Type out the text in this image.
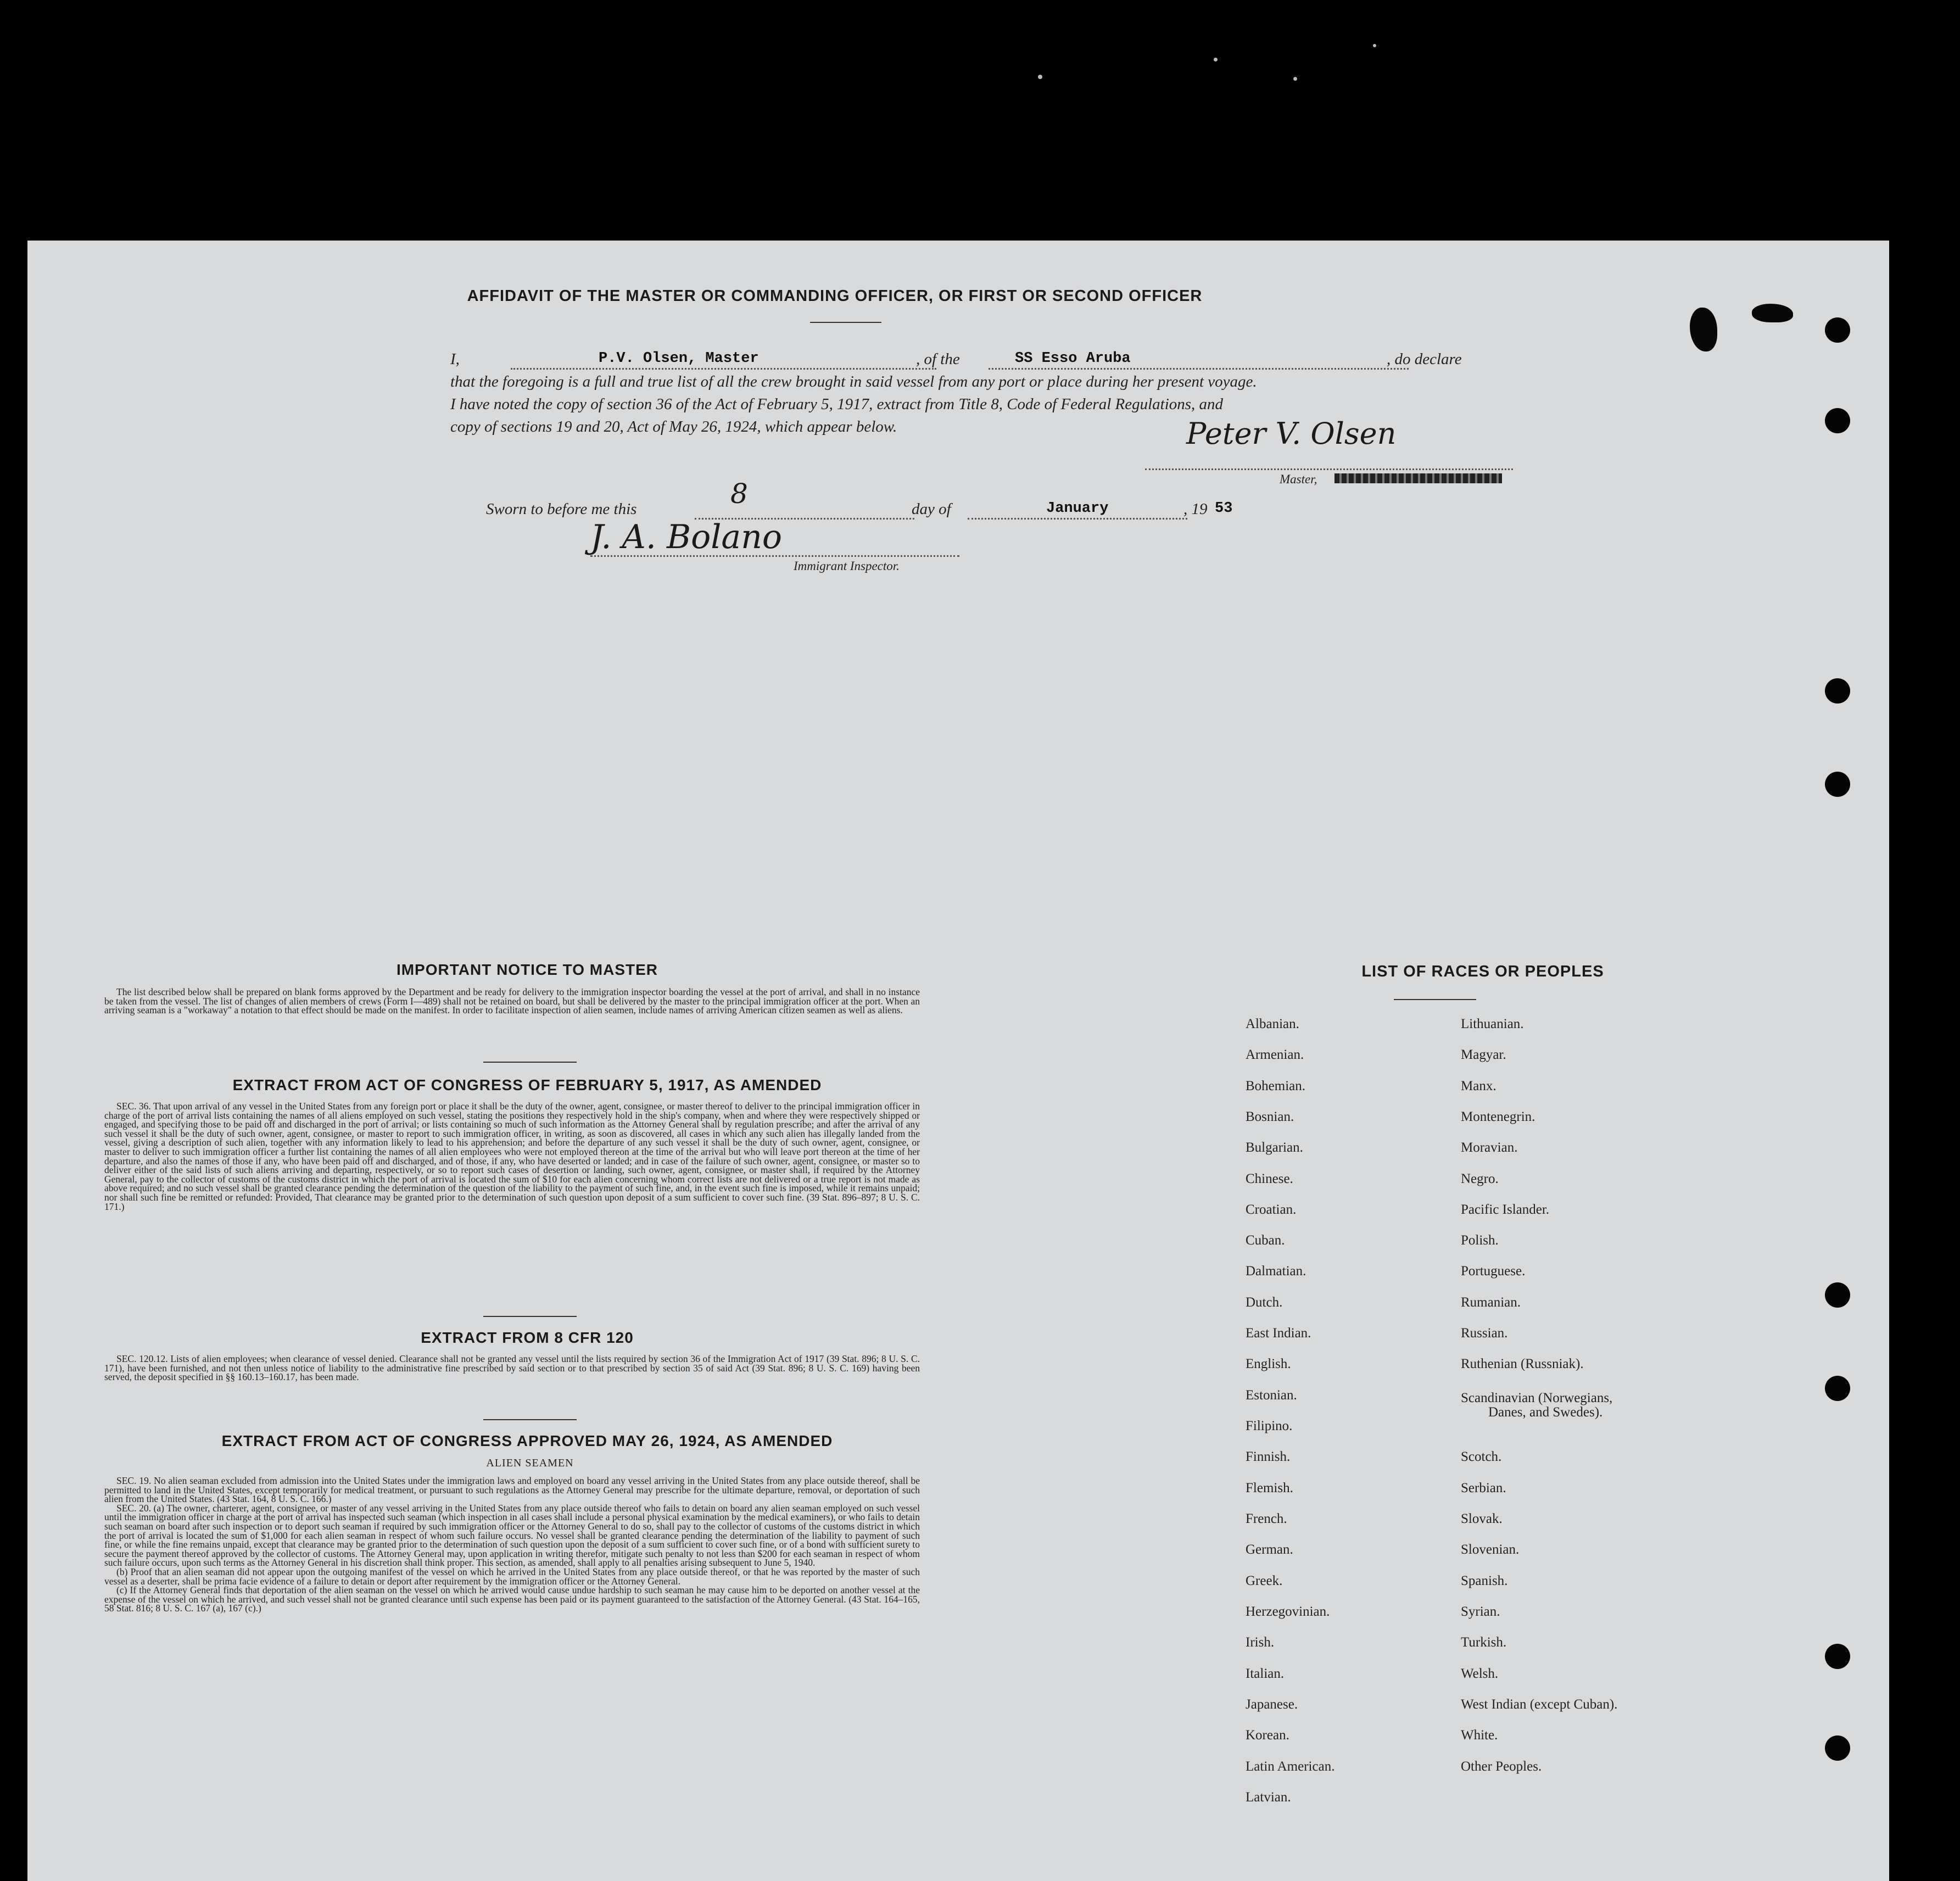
AFFIDAVIT OF THE MASTER OR COMMANDING OFFICER, OR FIRST OR SECOND OFFICER
I,	P.V. Olsen, Master	, of the	SS Esso Aruba	, do declare
that the foregoing is a full and true list of all the crew brought in said vessel from any port or place during her present voyage.
I have noted the copy of section 36 of the Act of February 5, 1917, extract from Title 8, Code of Federal Regulations, and
copy of sections 19 and 20, Act of May 26, 1924, which appear below.	Peter V. Olsen
Master,
Sworn to before me this	8	day of	January	, 19 53
J. A. Bolano
Immigrant Inspector.
IMPORTANT NOTICE TO MASTER

The list described below shall be prepared on blank forms approved by the Department and be ready for delivery to the immigration inspector boarding the vessel at the port of arrival, and shall in no instance be taken from the vessel. The list of changes of alien members of crews (Form I—489) shall not be retained on board, but shall be delivered by the master to the principal immigration officer at the port. When an arriving seaman is a "workaway" a notation to that effect should be made on the manifest. In order to facilitate inspection of alien seamen, include names of arriving American citizen seamen as well as aliens.

EXTRACT FROM ACT OF CONGRESS OF FEBRUARY 5, 1917, AS AMENDED

SEC. 36. That upon arrival of any vessel in the United States from any foreign port or place it shall be the duty of the owner, agent, consignee, or master thereof to deliver to the principal immigration officer in charge of the port of arrival lists containing the names of all aliens employed on such vessel, stating the positions they respectively hold in the ship's company, when and where they were respectively shipped or engaged, and specifying those to be paid off and discharged in the port of arrival; or lists containing so much of such information as the Attorney General shall by regulation prescribe; and after the arrival of any such vessel it shall be the duty of such owner, agent, consignee, or master to report to such immigration officer, in writing, as soon as discovered, all cases in which any such alien has illegally landed from the vessel, giving a description of such alien, together with any information likely to lead to his apprehension; and before the departure of any such vessel it shall be the duty of such owner, agent, consignee, or master to deliver to such immigration officer a further list containing the names of all alien employees who were not employed thereon at the time of the arrival but who will leave port thereon at the time of her departure, and also the names of those if any, who have been paid off and discharged, and of those, if any, who have deserted or landed; and in case of the failure of such owner, agent, consignee, or master so to deliver either of the said lists of such aliens arriving and departing, respectively, or so to report such cases of desertion or landing, such owner, agent, consignee, or master shall, if required by the Attorney General, pay to the collector of customs of the customs district in which the port of arrival is located the sum of $10 for each alien concerning whom correct lists are not delivered or a true report is not made as above required; and no such vessel shall be granted clearance pending the determination of the question of the liability to the payment of such fine, and, in the event such fine is imposed, while it remains unpaid; nor shall such fine be remitted or refunded: Provided, That clearance may be granted prior to the determination of such question upon deposit of a sum sufficient to cover such fine. (39 Stat. 896–897; 8 U. S. C. 171.)

EXTRACT FROM 8 CFR 120

SEC. 120.12. Lists of alien employees; when clearance of vessel denied. Clearance shall not be granted any vessel until the lists required by section 36 of the Immigration Act of 1917 (39 Stat. 896; 8 U. S. C. 171), have been furnished, and not then unless notice of liability to the administrative fine prescribed by said section or to that prescribed by section 35 of said Act (39 Stat. 896; 8 U. S. C. 169) having been served, the deposit specified in §§ 160.13–160.17, has been made.

EXTRACT FROM ACT OF CONGRESS APPROVED MAY 26, 1924, AS AMENDED
ALIEN SEAMEN

SEC. 19. No alien seaman excluded from admission into the United States under the immigration laws and employed on board any vessel arriving in the United States from any place outside thereof, shall be permitted to land in the United States, except temporarily for medical treatment, or pursuant to such regulations as the Attorney General may prescribe for the ultimate departure, removal, or deportation of such alien from the United States. (43 Stat. 164, 8 U. S. C. 166.)

SEC. 20. (a) The owner, charterer, agent, consignee, or master of any vessel arriving in the United States from any place outside thereof who fails to detain on board any alien seaman employed on such vessel until the immigration officer in charge at the port of arrival has inspected such seaman (which inspection in all cases shall include a personal physical examination by the medical examiners), or who fails to detain such seaman on board after such inspection or to deport such seaman if required by such immigration officer or the Attorney General to do so, shall pay to the collector of customs of the customs district in which the port of arrival is located the sum of $1,000 for each alien seaman in respect of whom such failure occurs. No vessel shall be granted clearance pending the determination of the liability to payment of such fine, or while the fine remains unpaid, except that clearance may be granted prior to the determination of such question upon the deposit of a sum sufficient to cover such fine, or of a bond with sufficient surety to secure the payment thereof approved by the collector of customs. The Attorney General may, upon application in writing therefor, mitigate such penalty to not less than $200 for each seaman in respect of whom such failure occurs, upon such terms as the Attorney General in his discretion shall think proper. This section, as amended, shall apply to all penalties arising subsequent to June 5, 1940.

(b) Proof that an alien seaman did not appear upon the outgoing manifest of the vessel on which he arrived in the United States from any place outside thereof, or that he was reported by the master of such vessel as a deserter, shall be prima facie evidence of a failure to detain or deport after requirement by the immigration officer or the Attorney General.

(c) If the Attorney General finds that deportation of the alien seaman on the vessel on which he arrived would cause undue hardship to such seaman he may cause him to be deported on another vessel at the expense of the vessel on which he arrived, and such vessel shall not be granted clearance until such expense has been paid or its payment guaranteed to the satisfaction of the Attorney General. (43 Stat. 164–165, 58 Stat. 816; 8 U. S. C. 167 (a), 167 (c).)

LIST OF RACES OR PEOPLES
Albanian.
Armenian.
Bohemian.
Bosnian.
Bulgarian.
Chinese.
Croatian.
Cuban.
Dalmatian.
Dutch.
East Indian.
English.
Estonian.
Filipino.
Finnish.
Flemish.
French.
German.
Greek.
Herzegovinian.
Irish.
Italian.
Japanese.
Korean.
Latin American.
Latvian.
Lithuanian.
Magyar.
Manx.
Montenegrin.
Moravian.
Negro.
Pacific Islander.
Polish.
Portuguese.
Rumanian.
Russian.
Ruthenian (Russniak).
Scandinavian (Norwegians,
Danes, and Swedes).
Scotch.
Serbian.
Slovak.
Slovenian.
Spanish.
Syrian.
Turkish.
Welsh.
West Indian (except Cuban).
White.
Other Peoples.
